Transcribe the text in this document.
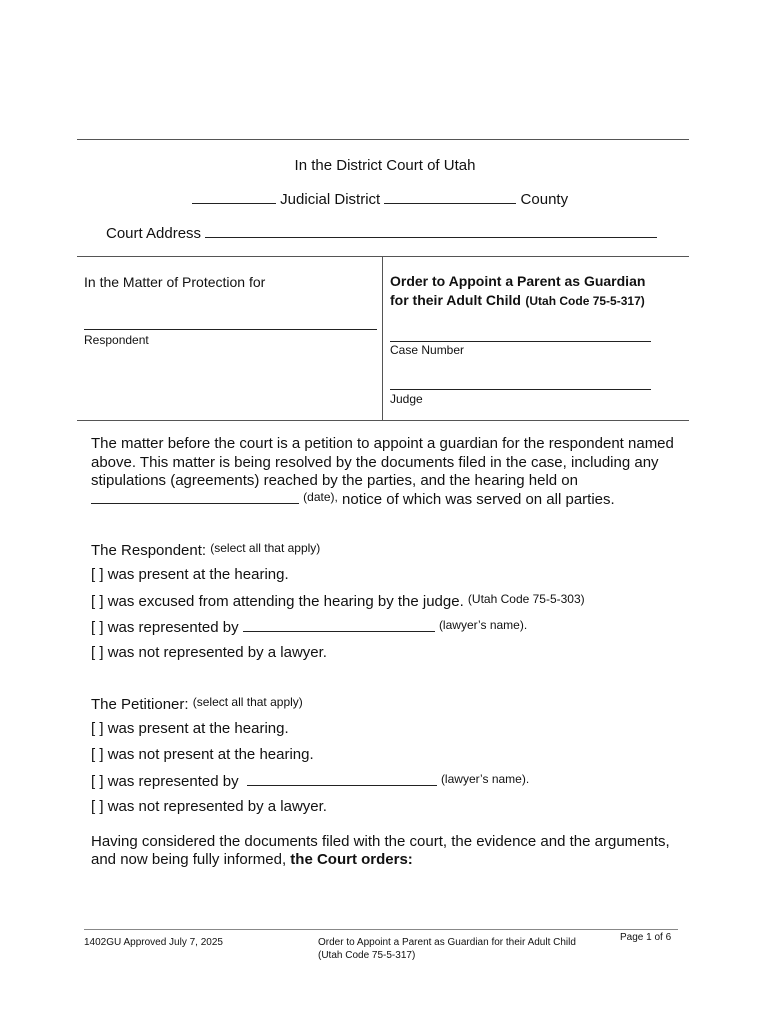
In the District Court of Utah
Judicial District	County
Court Address
In the Matter of Protection for
Respondent
Order to Appoint a Parent as Guardian
for their Adult Child (Utah Code 75-5-317)
Case Number
Judge
The matter before the court is a petition to appoint a guardian for the respondent named
above. This matter is being resolved by the documents filed in the case, including any
stipulations (agreements) reached by the parties, and the hearing held on
$^{(date),}$ notice of which was served on all parties.
The Respondent: $^{(select all that apply)}$
[ ] was present at the hearing.
[ ] was excused from attending the hearing by the judge. $^{(Utah Code 75-5-303)}$
[ ] was represented by	$^{(lawyer’s name).}$
[ ] was not represented by a lawyer.
The Petitioner: $^{(select all that apply)}$
[ ] was present at the hearing.
[ ] was not present at the hearing.
[ ] was represented by	$^{(lawyer’s name).}$
[ ] was not represented by a lawyer.
Having considered the documents filed with the court, the evidence and the arguments,
and now being fully informed, the Court orders:
1402GU Approved July 7, 2025	Order to Appoint a Parent as Guardian for their Adult Child
(Utah Code 75-5-317)
Page 1 of 6
